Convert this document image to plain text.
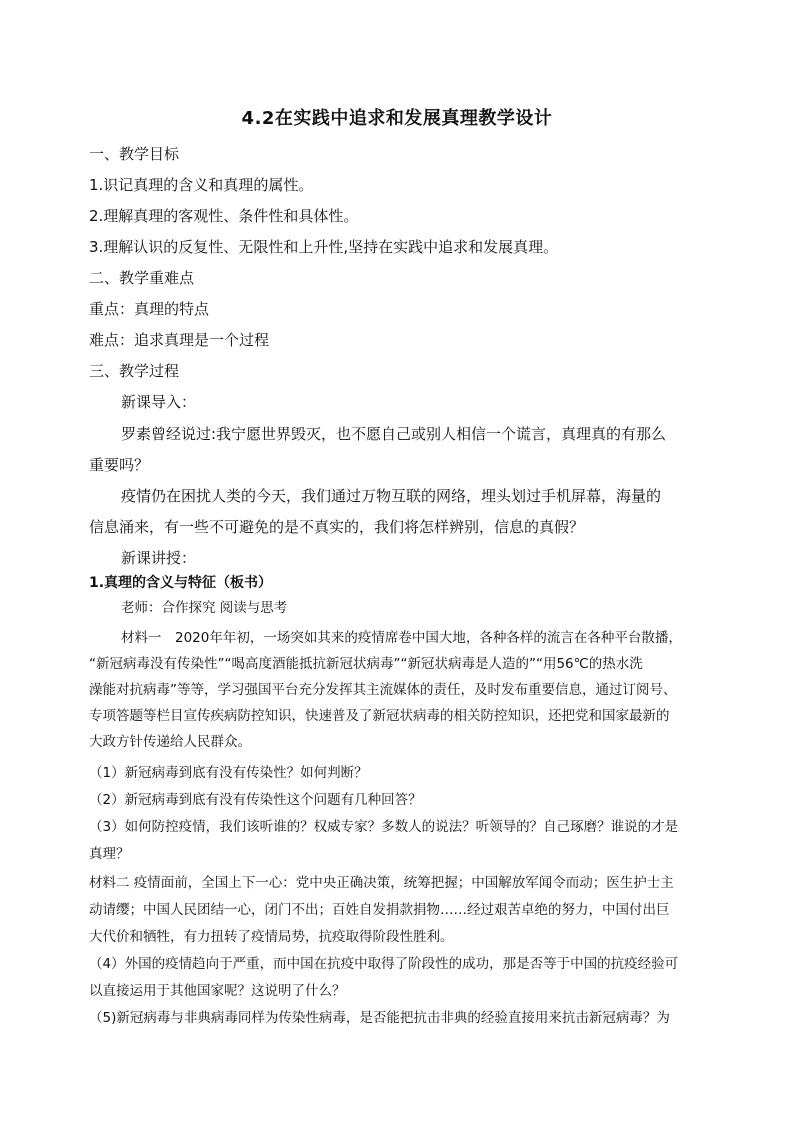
4.2在实践中追求和发展真理教学设计
一、教学目标
1.识记真理的含义和真理的属性。
2.理解真理的客观性、条件性和具体性。
3.理解认识的反复性、无限性和上升性,坚持在实践中追求和发展真理。
二、教学重难点
重点：真理的特点
难点：追求真理是一个过程
三、教学过程
新课导入：
罗素曾经说过:我宁愿世界毁灭，也不愿自己或别人相信一个谎言，真理真的有那么
重要吗？
疫情仍在困扰人类的今天，我们通过万物互联的网络，埋头划过手机屏幕，海量的
信息涌来，有一些不可避免的是不真实的，我们将怎样辨别，信息的真假？
新课讲授：
1.真理的含义与特征（板书）
老师：合作探究 阅读与思考
材料一　2020年年初，一场突如其来的疫情席卷中国大地，各种各样的流言在各种平台散播，
“新冠病毒没有传染性”“喝高度酒能抵抗新冠状病毒”“新冠状病毒是人造的”“用56℃的热水洗
澡能对抗病毒”等等，学习强国平台充分发挥其主流媒体的责任，及时发布重要信息，通过订阅号、
专项答题等栏目宣传疾病防控知识，快速普及了新冠状病毒的相关防控知识，还把党和国家最新的
大政方针传递给人民群众。
（1）新冠病毒到底有没有传染性？如何判断？
（2）新冠病毒到底有没有传染性这个问题有几种回答？
（3）如何防控疫情，我们该听谁的？权威专家？多数人的说法？听领导的？自己琢磨？谁说的才是
真理？
材料二 疫情面前，全国上下一心：党中央正确决策，统筹把握；中国解放军闻令而动；医生护士主
动请缨；中国人民团结一心，闭门不出；百姓自发捐款捐物……经过艰苦卓绝的努力，中国付出巨
大代价和牺牲，有力扭转了疫情局势，抗疫取得阶段性胜利。
（4）外国的疫情趋向于严重，而中国在抗疫中取得了阶段性的成功，那是否等于中国的抗疫经验可
以直接运用于其他国家呢？这说明了什么？
（5)新冠病毒与非典病毒同样为传染性病毒，是否能把抗击非典的经验直接用来抗击新冠病毒？为
